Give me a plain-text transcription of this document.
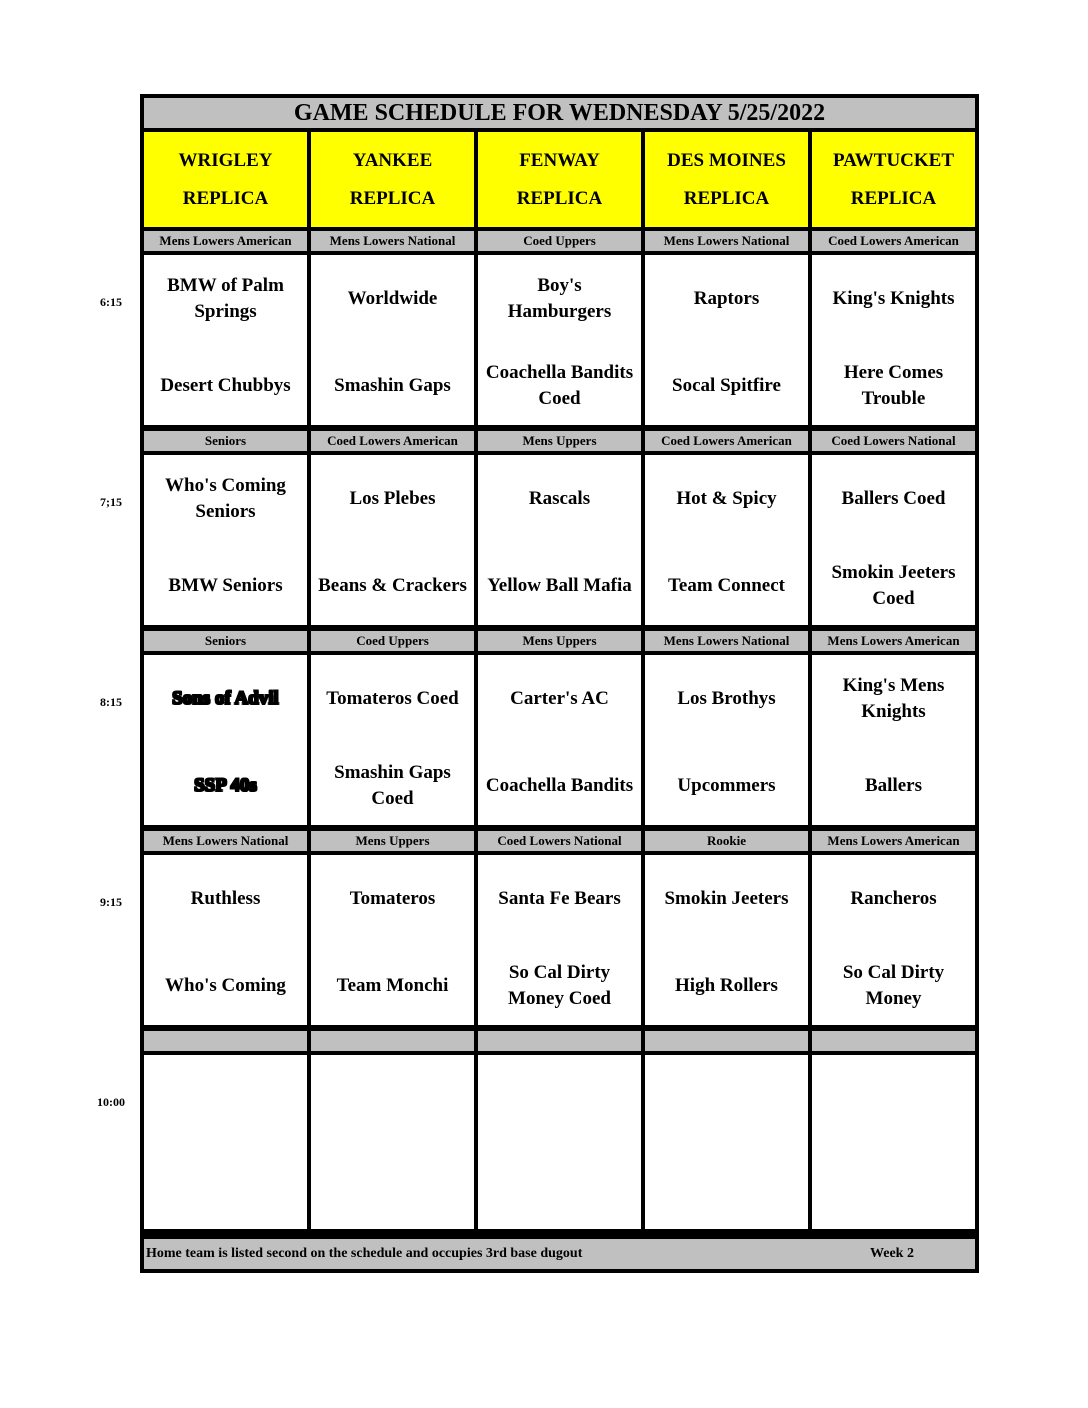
GAME SCHEDULE FOR WEDNESDAY 5/25/2022
Home team is listed second on the schedule and occupies 3rd base dugout	Week 2
WRIGLEY
REPLICA
YANKEE
REPLICA
FENWAY
REPLICA
DES MOINES
REPLICA
PAWTUCKET
REPLICA
Mens Lowers American
BMW of Palm
Springs
Desert Chubbys
Mens Lowers National
Worldwide
Smashin Gaps
Coed Uppers
Boy's
Hamburgers
Coachella Bandits
Coed
Mens Lowers National
Raptors
Socal Spitfire
Coed Lowers American
King's Knights
Here Comes
Trouble
Seniors
Who's Coming
Seniors
BMW Seniors
Coed Lowers American
Los Plebes
Beans & Crackers
Mens Uppers
Rascals
Yellow Ball Mafia
Coed Lowers American
Hot & Spicy
Team Connect
Coed Lowers National
Ballers Coed
Smokin Jeeters
Coed
Seniors
Sons of Advil
SSP 40s
Coed Uppers
Tomateros Coed
Smashin Gaps
Coed
Mens Uppers
Carter's AC
Coachella Bandits
Mens Lowers National
Los Brothys
Upcommers
Mens Lowers American
King's Mens
Knights
Ballers
Mens Lowers National
Ruthless
Who's Coming
Mens Uppers
Tomateros
Team Monchi
Coed Lowers National
Santa Fe Bears
So Cal Dirty
Money Coed
Rookie
Smokin Jeeters
High Rollers
Mens Lowers American
Rancheros
So Cal Dirty
Money
6:15
7;15
8:15
9:15
10:00
